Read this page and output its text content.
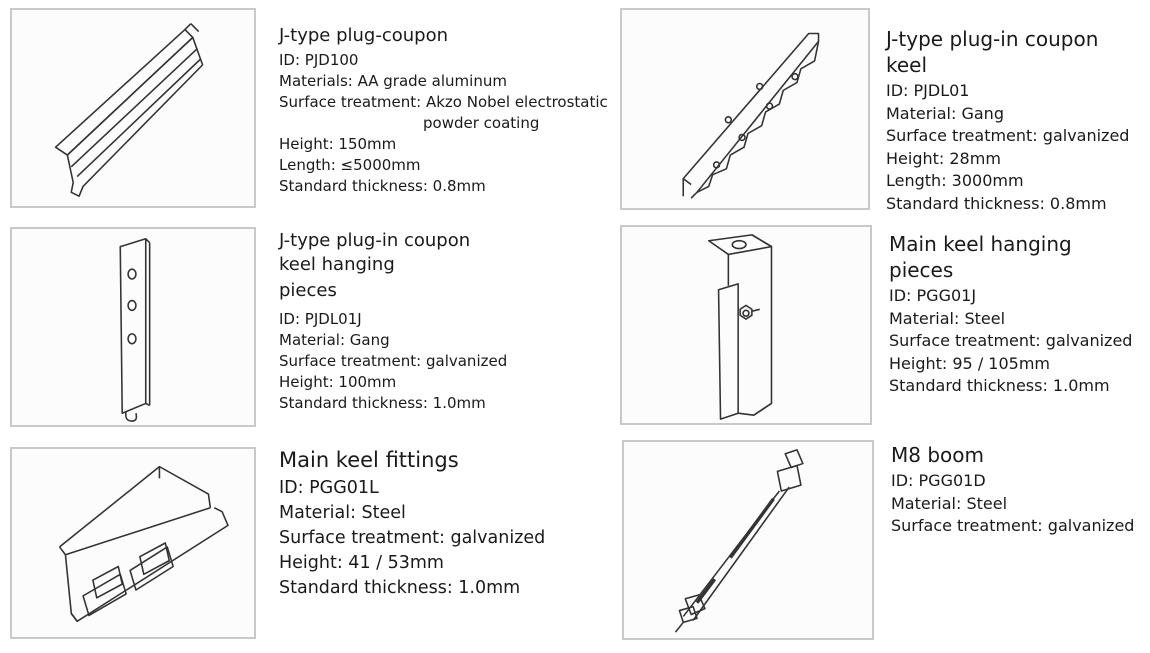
J-type plug-coupon

ID: PJD100

Materials: AA grade aluminum

Surface treatment: Akzo Nobel electrostatic

powder coating

Height: 150mm

Length: ≤5000mm

Standard thickness: 0.8mm

J-type plug-in coupon keel

ID: PJDL01

Material: Gang

Surface treatment: galvanized

Height: 28mm

Length: 3000mm

Standard thickness: 0.8mm

J-type plug-in coupon keel hanging
pieces

ID: PJDL01J

Material: Gang

Surface treatment: galvanized

Height: 100mm

Standard thickness: 1.0mm

Main keel hanging pieces

ID: PGG01J

Material: Steel

Surface treatment: galvanized

Height: 95 / 105mm

Standard thickness: 1.0mm

Main keel fittings

ID: PGG01L

Material: Steel

Surface treatment: galvanized

Height: 41 / 53mm

Standard thickness: 1.0mm

M8 boom

ID: PGG01D

Material: Steel

Surface treatment: galvanized
